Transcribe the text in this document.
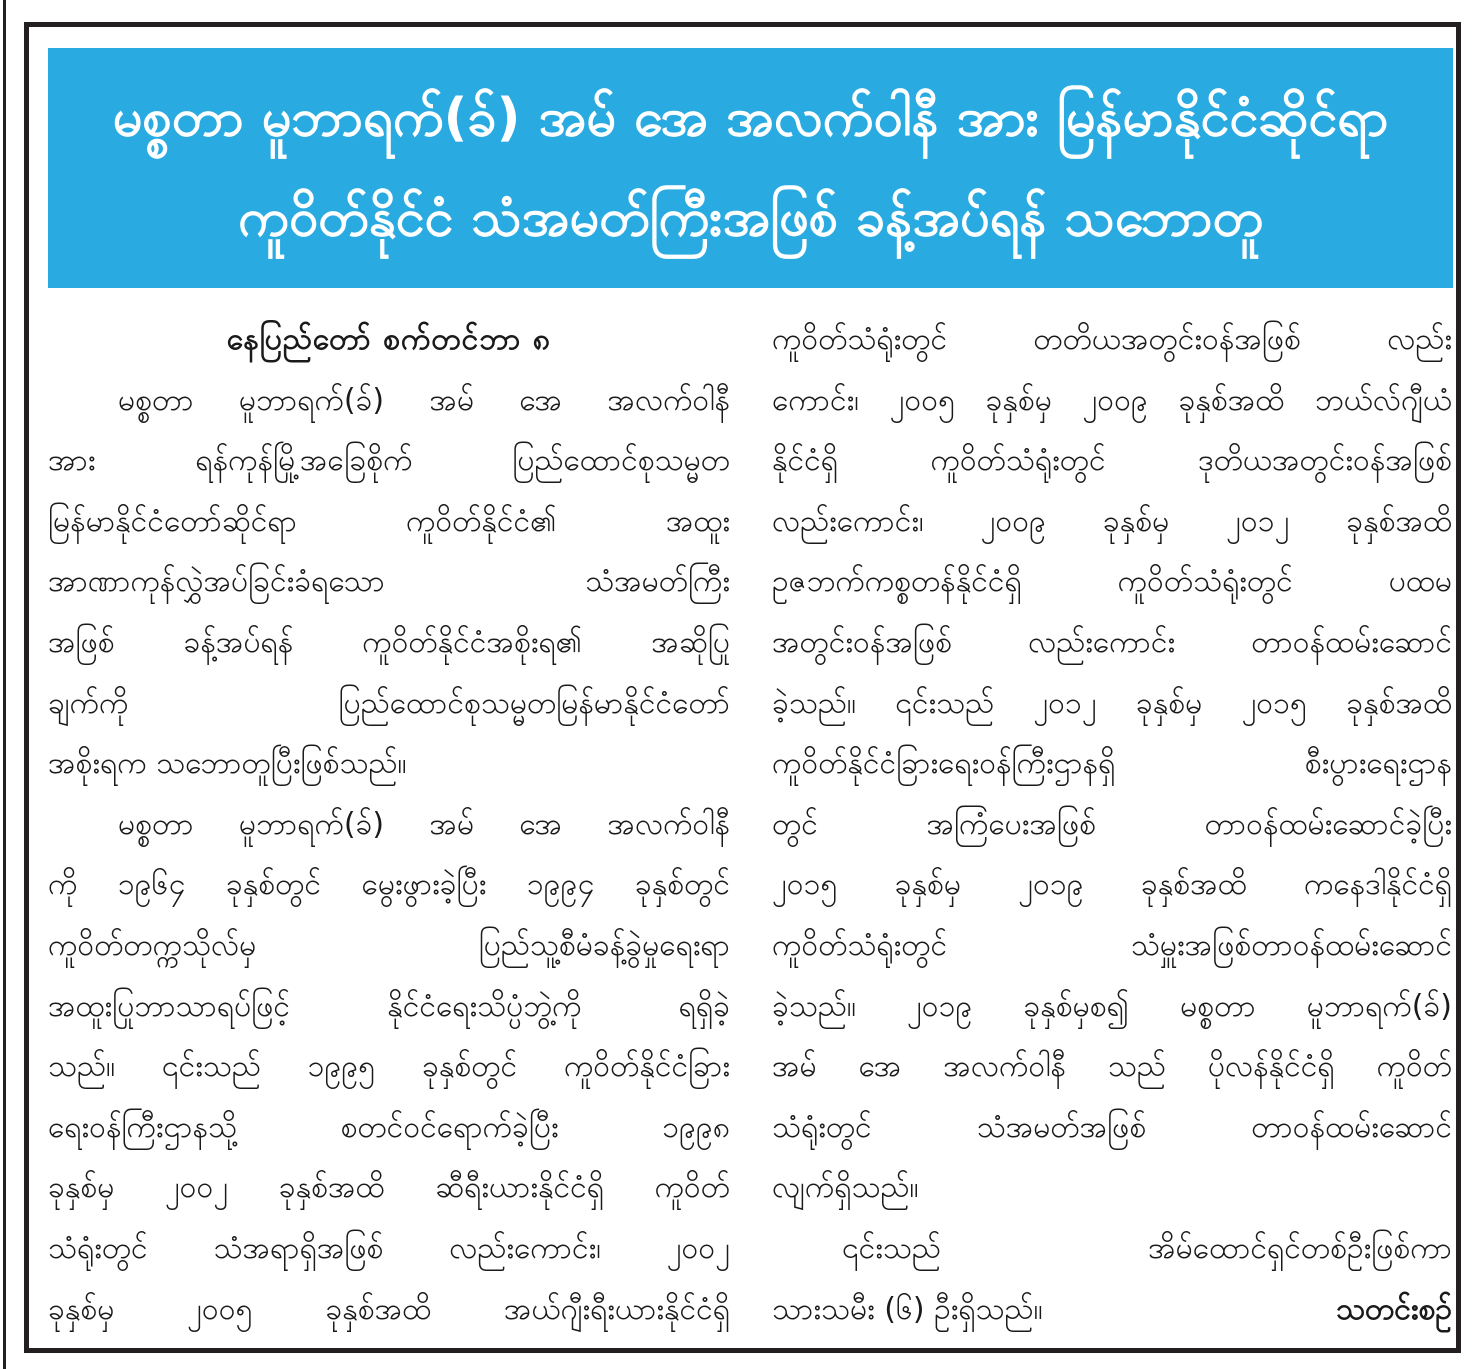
မစ္စတာ မူဘာရက်(ခ်) အမ် အေ အလက်ဝါနီ အား မြန်မာနိုင်ငံဆိုင်ရာ
ကူဝိတ်နိုင်ငံ သံအမတ်ကြီးအဖြစ် ခန့်အပ်ရန် သဘောတူ
နေပြည်တော် စက်တင်ဘာ ၈
မစ္စတာ မူဘာရက်(ခ်) အမ် အေ အလက်ဝါနီ
အား ရန်ကုန်မြို့အခြေစိုက် ပြည်ထောင်စုသမ္မတ
မြန်မာနိုင်ငံတော်ဆိုင်ရာ ကူဝိတ်နိုင်ငံ၏ အထူး
အာဏာကုန်လွှဲအပ်ခြင်းခံရသော သံအမတ်ကြီး
အဖြစ် ခန့်အပ်ရန် ကူဝိတ်နိုင်ငံအစိုးရ၏ အဆိုပြု
ချက်ကို ပြည်ထောင်စုသမ္မတမြန်မာနိုင်ငံတော်
အစိုးရက သဘောတူပြီးဖြစ်သည်။
မစ္စတာ မူဘာရက်(ခ်) အမ် အေ အလက်ဝါနီ
ကို ၁၉၆၄ ခုနှစ်တွင် မွေးဖွားခဲ့ပြီး ၁၉၉၄ ခုနှစ်တွင်
ကူဝိတ်တက္ကသိုလ်မှ ပြည်သူ့စီမံခန့်ခွဲမှုရေးရာ
အထူးပြုဘာသာရပ်ဖြင့် နိုင်ငံရေးသိပ္ပံဘွဲ့ကို ရရှိခဲ့
သည်။ ၎င်းသည် ၁၉၉၅ ခုနှစ်တွင် ကူဝိတ်နိုင်ငံခြား
ရေးဝန်ကြီးဌာနသို့ စတင်ဝင်ရောက်ခဲ့ပြီး ၁၉၉၈
ခုနှစ်မှ ၂၀၀၂ ခုနှစ်အထိ ဆီရီးယားနိုင်ငံရှိ ကူဝိတ်
သံရုံးတွင် သံအရာရှိအဖြစ် လည်းကောင်း၊ ၂၀၀၂
ခုနှစ်မှ ၂၀၀၅ ခုနှစ်အထိ အယ်ဂျီးရီးယားနိုင်ငံရှိ
ကူဝိတ်သံရုံးတွင် တတိယအတွင်းဝန်အဖြစ် လည်း
ကောင်း၊ ၂၀၀၅ ခုနှစ်မှ ၂၀၀၉ ခုနှစ်အထိ ဘယ်လ်ဂျီယံ
နိုင်ငံရှိ ကူဝိတ်သံရုံးတွင် ဒုတိယအတွင်းဝန်အဖြစ်
လည်းကောင်း၊ ၂၀၀၉ ခုနှစ်မှ ၂၀၁၂ ခုနှစ်အထိ
ဥဇဘက်ကစ္စတန်နိုင်ငံရှိ ကူဝိတ်သံရုံးတွင် ပထမ
အတွင်းဝန်အဖြစ် လည်းကောင်း တာဝန်ထမ်းဆောင်
ခဲ့သည်။ ၎င်းသည် ၂၀၁၂ ခုနှစ်မှ ၂၀၁၅ ခုနှစ်အထိ
ကူဝိတ်နိုင်ငံခြားရေးဝန်ကြီးဌာနရှိ စီးပွားရေးဌာန
တွင် အကြံပေးအဖြစ် တာဝန်ထမ်းဆောင်ခဲ့ပြီး
၂၀၁၅ ခုနှစ်မှ ၂၀၁၉ ခုနှစ်အထိ ကနေဒါနိုင်ငံရှိ
ကူဝိတ်သံရုံးတွင် သံမှူးအဖြစ်တာဝန်ထမ်းဆောင်
ခဲ့သည်။ ၂၀၁၉ ခုနှစ်မှစ၍ မစ္စတာ မူဘာရက်(ခ်)
အမ် အေ အလက်ဝါနီ သည် ပိုလန်နိုင်ငံရှိ ကူဝိတ်
သံရုံးတွင် သံအမတ်အဖြစ် တာဝန်ထမ်းဆောင်
လျက်ရှိသည်။
၎င်းသည် အိမ်ထောင်ရှင်တစ်ဦးဖြစ်ကာ
သားသမီး (၆) ဦးရှိသည်။	သတင်းစဉ်
